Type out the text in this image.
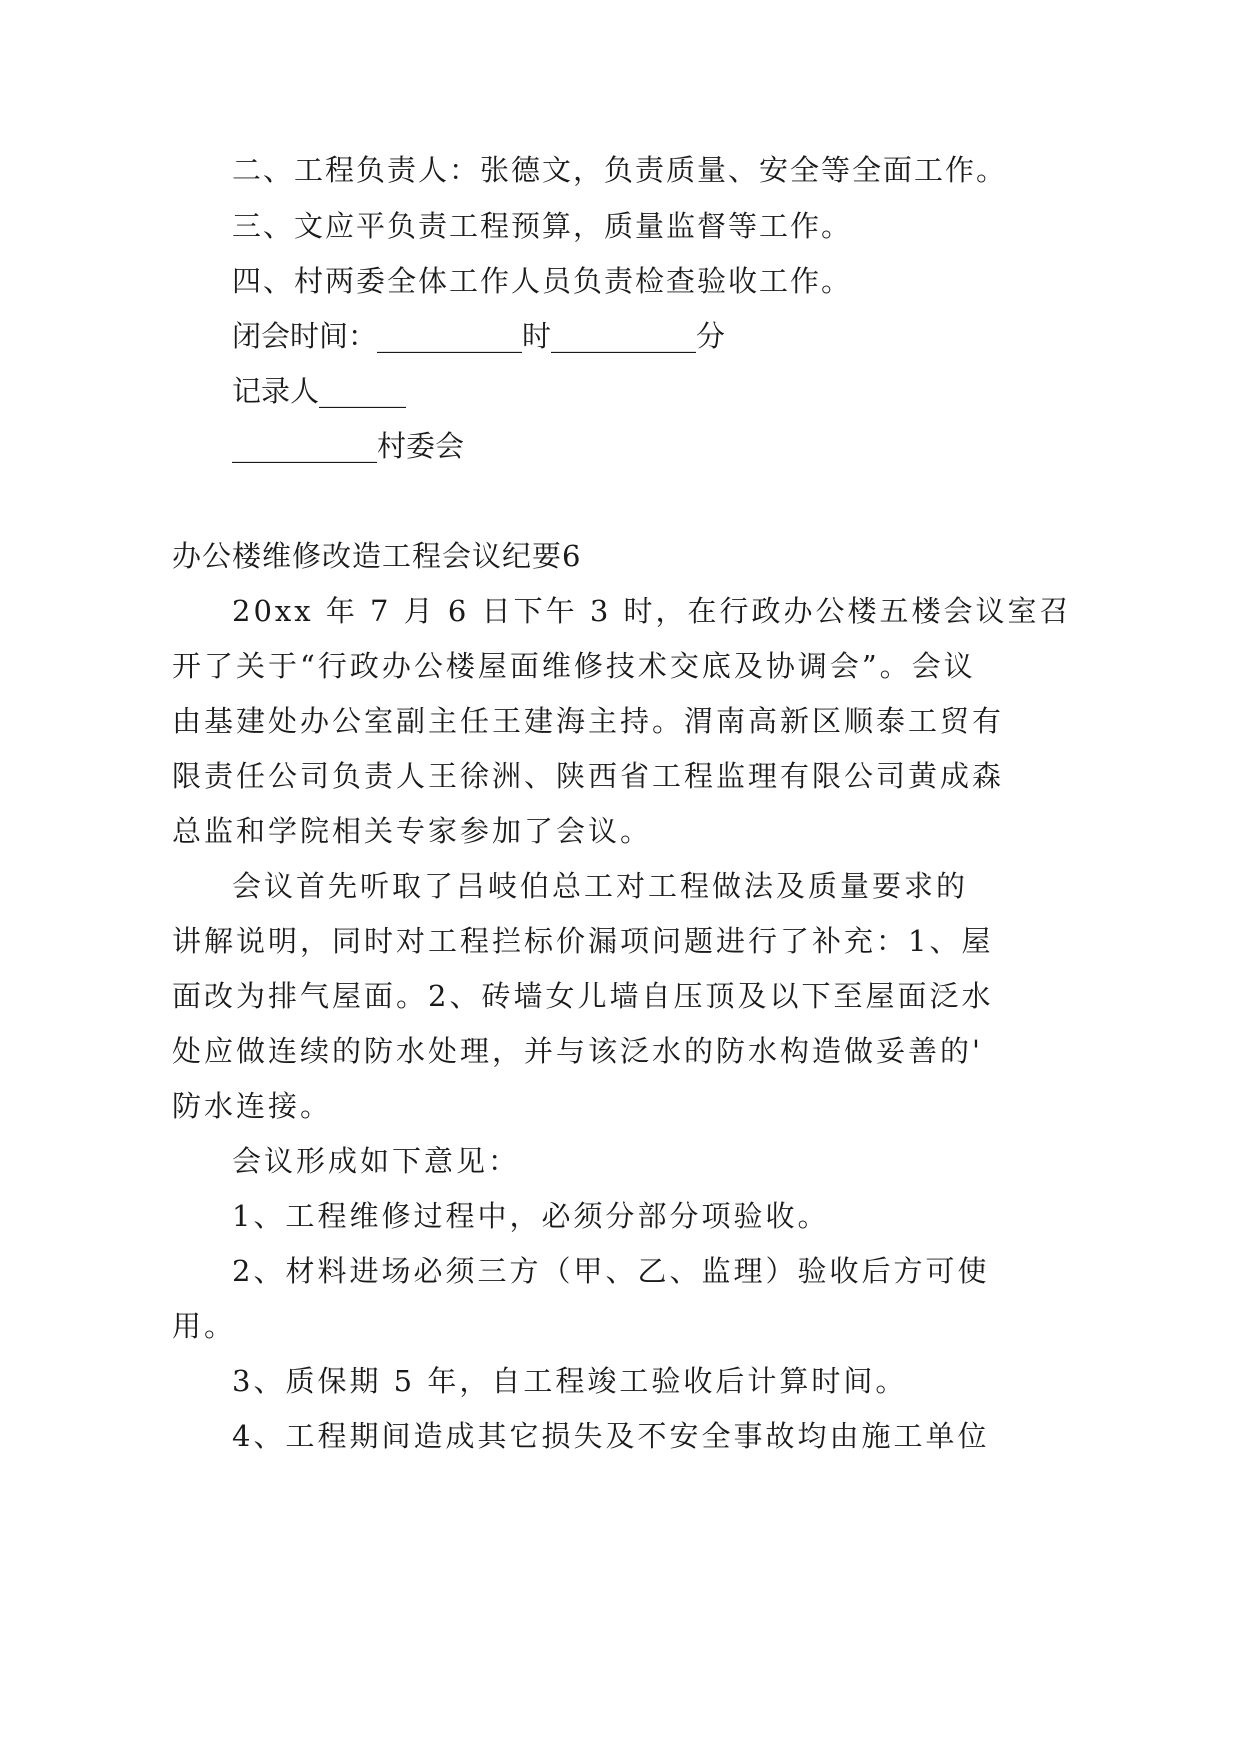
二、工程负责人：张德文，负责质量、安全等全面工作。
三、文应平负责工程预算，质量监督等工作。
四、村两委全体工作人员负责检查验收工作。
闭会时间：__________时__________分
记录人______
__________村委会
办公楼维修改造工程会议纪要6
20xx 年 7 月 6 日下午 3 时，在行政办公楼五楼会议室召
开了关于“行政办公楼屋面维修技术交底及协调会”。会议
由基建处办公室副主任王建海主持。渭南高新区顺泰工贸有
限责任公司负责人王徐洲、陕西省工程监理有限公司黄成森
总监和学院相关专家参加了会议。
会议首先听取了吕岐伯总工对工程做法及质量要求的
讲解说明，同时对工程拦标价漏项问题进行了补充：1、屋
面改为排气屋面。2、砖墙女儿墙自压顶及以下至屋面泛水
处应做连续的防水处理，并与该泛水的防水构造做妥善的'
防水连接。
会议形成如下意见：
1、工程维修过程中，必须分部分项验收。
2、材料进场必须三方（甲、乙、监理）验收后方可使
用。
3、质保期 5 年，自工程竣工验收后计算时间。
4、工程期间造成其它损失及不安全事故均由施工单位
